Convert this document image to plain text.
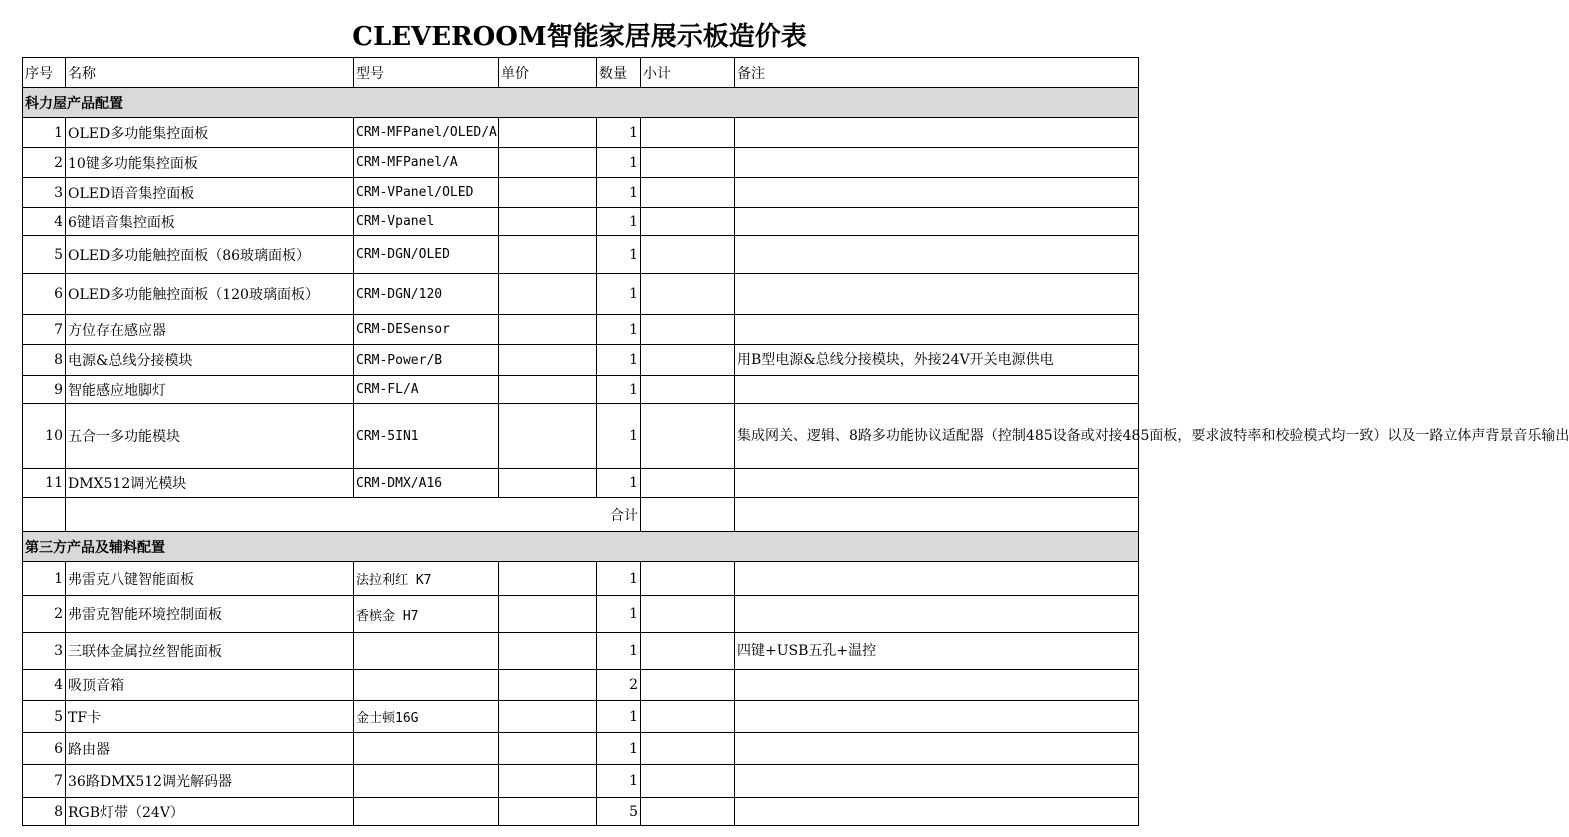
CLEVEROOM智能家居展示板造价表
序号	名称	型号	单价	数量	小计	备注
科力屋产品配置						
1	OLED多功能集控面板	CRM-MFPanel/OLED/A		1		
2	10键多功能集控面板	CRM-MFPanel/A		1		
3	OLED语音集控面板	CRM-VPanel/OLED		1		
4	6键语音集控面板	CRM-Vpanel		1		
5	OLED多功能触控面板（86玻璃面板）	CRM-DGN/OLED		1		
6	OLED多功能触控面板（120玻璃面板）	CRM-DGN/120		1		
7	方位存在感应器	CRM-DESensor		1		
8	电源&总线分接模块	CRM-Power/B		1		用B型电源&总线分接模块，外接24V开关电源供电
9	智能感应地脚灯	CRM-FL/A		1		
10	五合一多功能模块	CRM-5IN1		1		集成网关、逻辑、8路多功能协议适配器（控制485设备或对接485面板，要求波特率和校验模式均一致）以及一路立体声背景音乐输出
11	DMX512调光模块	CRM-DMX/A16		1		
	合计					
第三方产品及辅料配置						
1	弗雷克八键智能面板	法拉利红 K7		1		
2	弗雷克智能环境控制面板	香槟金 H7		1		
3	三联体金属拉丝智能面板			1		四键+USB五孔+温控
4	吸顶音箱			2		
5	TF卡	金士顿16G		1		
6	路由器			1		
7	36路DMX512调光解码器			1		
8	RGB灯带（24V）			5		
